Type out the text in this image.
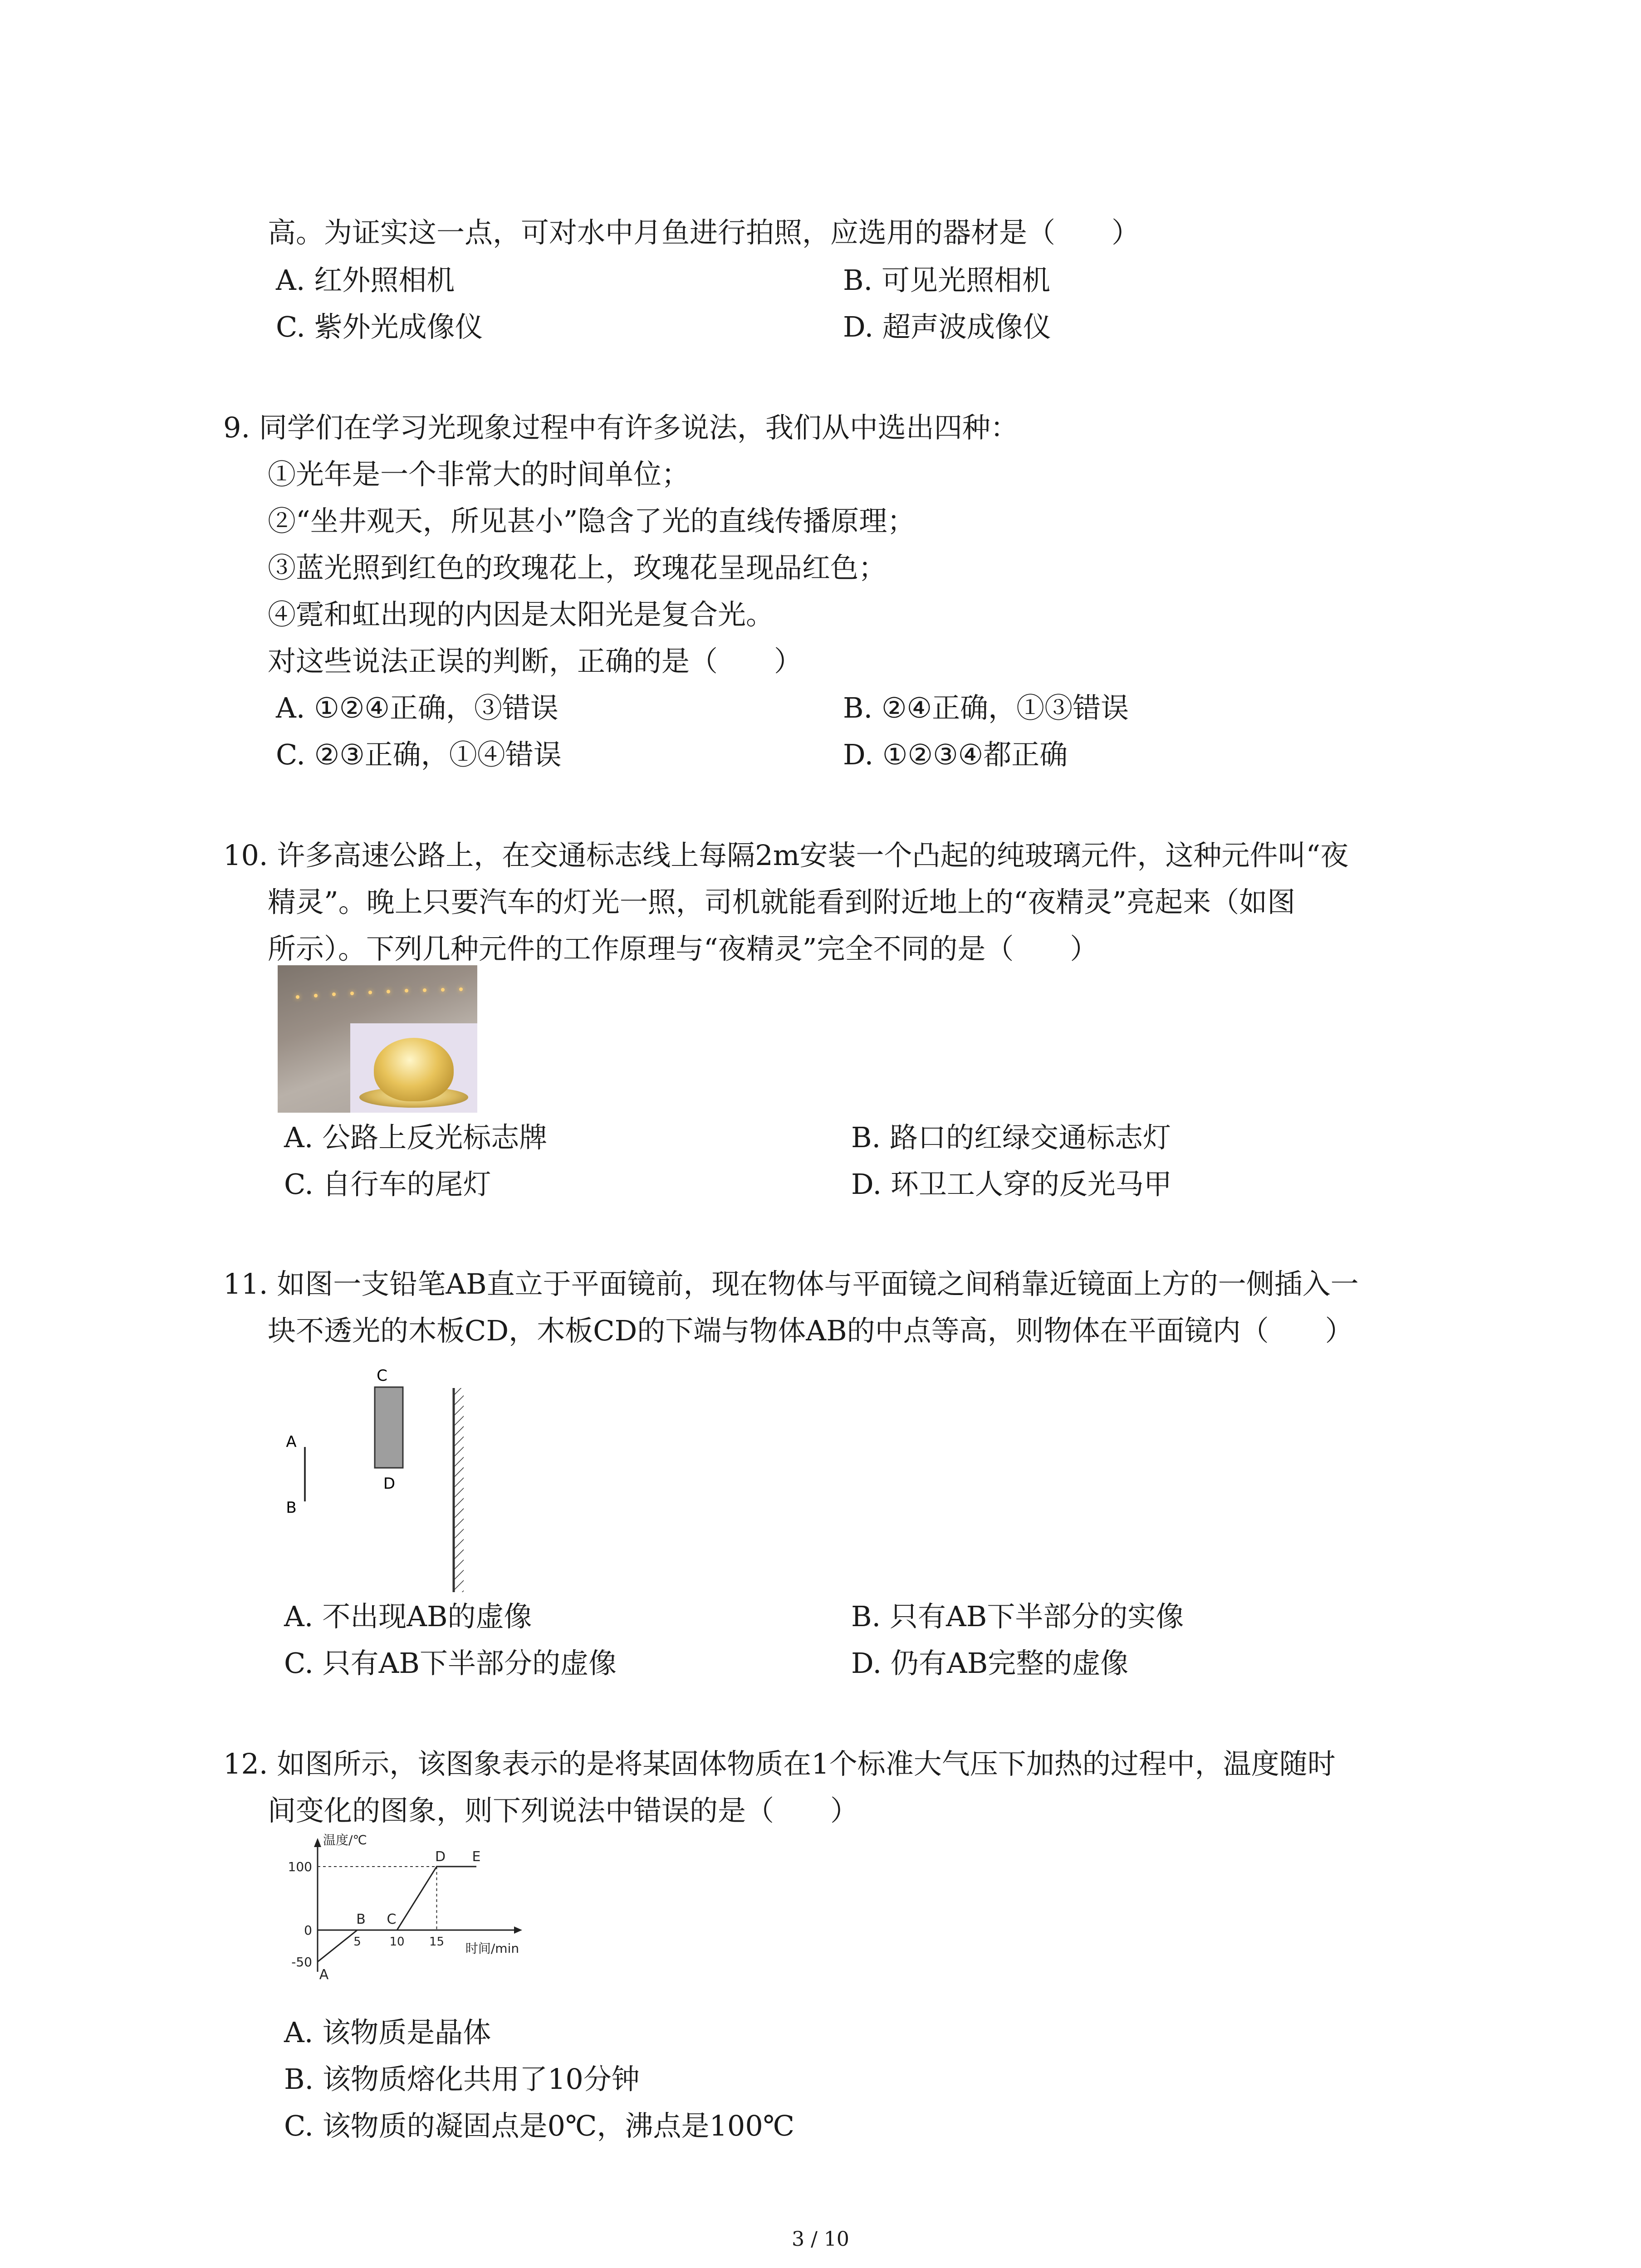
高。为证实这一点，可对水中月鱼进行拍照，应选用的器材是（　　）
A. 红外照相机	B. 可见光照相机
C. 紫外光成像仪	D. 超声波成像仪
9. 同学们在学习光现象过程中有许多说法，我们从中选出四种：
①光年是一个非常大的时间单位；
②“坐井观天，所见甚小”隐含了光的直线传播原理；
③蓝光照到红色的玫瑰花上，玫瑰花呈现品红色；
④霓和虹出现的内因是太阳光是复合光。
对这些说法正误的判断，正确的是（　　）
A. ①②④正确，③错误	B. ②④正确，①③错误
C. ②③正确，①④错误	D. ①②③④都正确
10. 许多高速公路上，在交通标志线上每隔2m安装一个凸起的纯玻璃元件，这种元件叫“夜
精灵”。晚上只要汽车的灯光一照，司机就能看到附近地上的“夜精灵”亮起来（如图
所示）。下列几种元件的工作原理与“夜精灵”完全不同的是（　　）
A. 公路上反光标志牌	B. 路口的红绿交通标志灯
C. 自行车的尾灯	D. 环卫工人穿的反光马甲
11. 如图一支铅笔AB直立于平面镜前，现在物体与平面镜之间稍靠近镜面上方的一侧插入一
块不透光的木板CD，木板CD的下端与物体AB的中点等高，则物体在平面镜内（　　）
C
D
A
B
A. 不出现AB的虚像	B. 只有AB下半部分的实像
C. 只有AB下半部分的虚像	D. 仍有AB完整的虚像
12. 如图所示，该图象表示的是将某固体物质在1个标准大气压下加热的过程中，温度随时
间变化的图象，则下列说法中错误的是（　　）
温度/℃
时间/min
100
0
-50
5 10 15
A
B C
D E
A. 该物质是晶体
B. 该物质熔化共用了10分钟
C. 该物质的凝固点是0℃，沸点是100℃
3 / 10
